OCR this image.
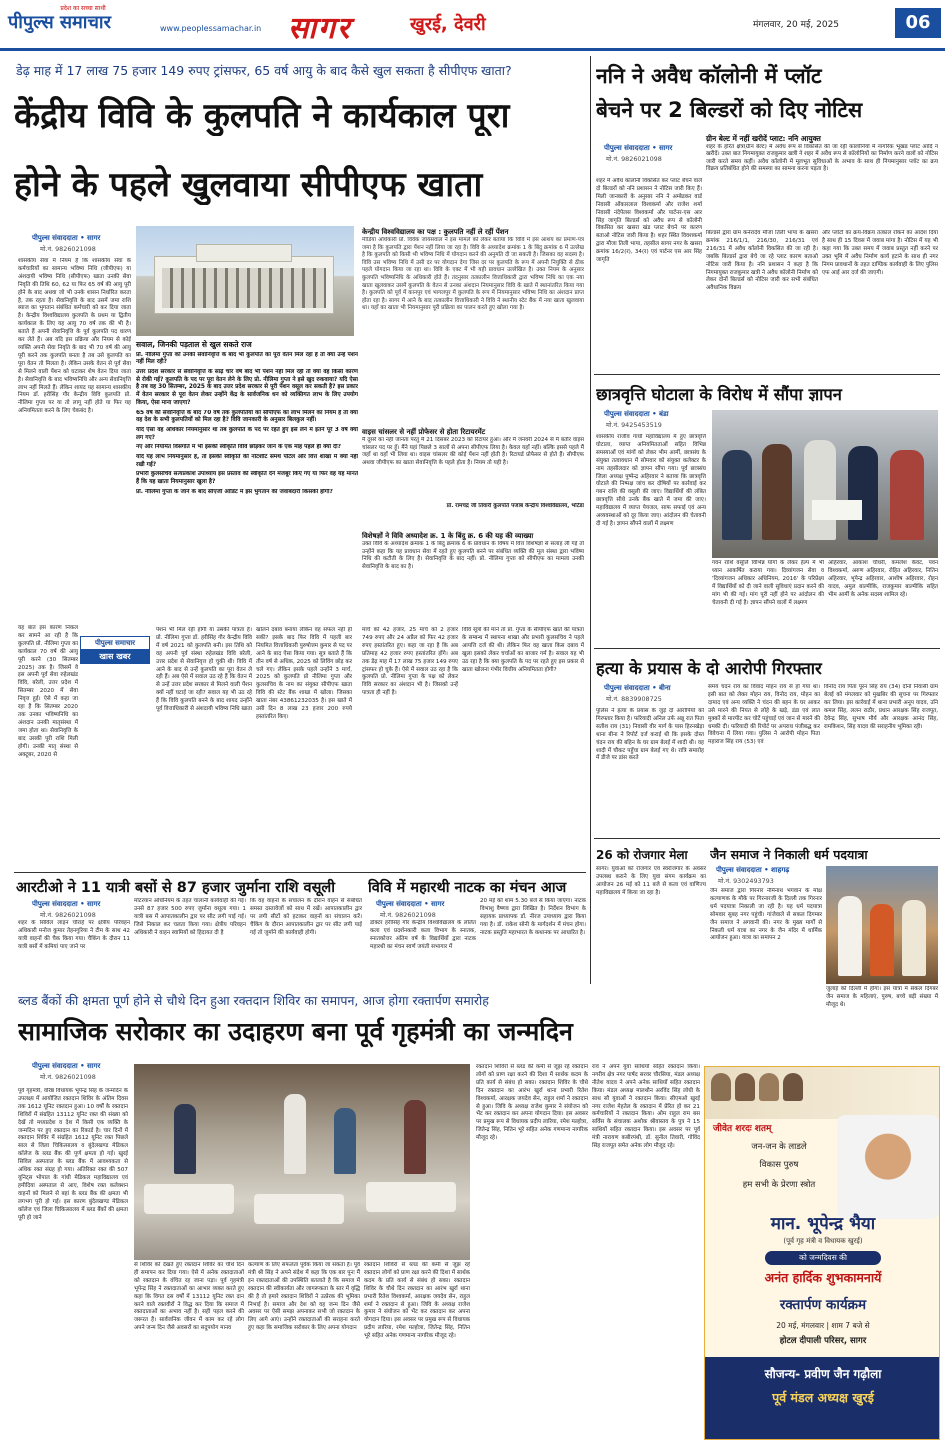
प्रदेश का सच्चा साथी
पीपुल्स समाचार	www.peoplessamachar.in सागर	खुरई, देवरी	मंगलवार, 20 मई, 2025	06
डेढ़ माह में 17 लाख 75 हजार 149 रुपए ट्रांसफर, 65 वर्ष आयु के बाद कैसे खुल सकता है सीपीएफ खाता?
केंद्रीय विवि के कुलपति ने कार्यकाल पूरा
होने के पहले खुलवाया सीपीएफ खाता
पीपुल्स संवाददाता • सागर
मो.नं. 9826021098
शासकीय सेवा में नियम है कि शासकीय सेवा के कर्मचारियों का सामान्य भविष्य निधि (जीपीएफ) या अंशदायी भविष्य निधि (सीपीएफ) खाता उनकी सेवा निवृति की तिथि 60, 62 या फिर 65 वर्ष की आयु पूरी होने के बाद अथवा जो भी उनके शासन निर्धारित करता है, तक रहता है। सेवानिवृत्ति के बाद उसमें जमा राशि ब्याज का भुगतान संबंधित कर्मचारी को कर दिया जाता है। केन्द्रीय विश्वविद्यालय कुलपति के प्रथम या द्वितीय कार्यकाल के लिए यह आयु 70 वर्ष तक की भी है। बताते हैं अपनी सेवानिवृत्ति के पूर्व कुलपति पद धारण कर लेते हैं। अब यदि इस प्रक्रिया और नियम से कोई व्यक्ति अपनी सेवा निवृति के बाद भी 70 वर्ष की आयु पूरी करने तक कुलपति बनता है तब उसे कुलपति का पूरा वेतन तो मिलता है। लेकिन उसके वेतन से पूर्व सेवा से मिलने वाली पेंशन को घटाकर शेष वेतन दिया जाता है। सेवानिवृत्ति के बाद भविष्यनिधि और अन्य सेवानिवृत्ति लाभ नहीं मिलते हैं। लेकिन शायद यह सामान्य शासकीय नियम डॉ. हरीसिंह गौर केन्द्रीय विवि कुलपति प्रो. नीलिमा गुप्ता पर या तो लागू नहीं होते या फिर यह अनियमितता करने के लिए चेकबंद है।
सवाल, जिनकी पड़ताल से खुल सकते राज
प्रो. नीलिमा गुप्ता को उनकी सेवानिवृत्ति के बाद भी कुलपति का पूरा वेतन मिल रहा है तो क्या उन्हें पेंशन नहीं मिल रही?
उत्तर प्रदेश सरकार से सेवानिवृत्ति के साढ़े चार वर्ष बाद भी पेंशन नहीं मिल रही तो क्या वह किसी कारण से रोकी गई? कुलपति के पद पर पूरा वेतन लेने के लिए प्रो. नीलिमा गुप्ता ने इसे खुद रुकवाया? यदि ऐसा है तब वह 30 सितम्बर, 2025 के बाद उत्तर प्रदेश सरकार से पूरी पेंशन वसूल कर सकती है? इस प्रकार में वेतन सरकार से पूरा वेतन लेकर उन्होंने केंद्र के सार्वजनिक धन को व्यक्तिगत लाभ के लिए उपयोग किया, ऐसा माना जाएगा?
65 वर्ष की सेवानिवृत्ति के बाद 70 वर्ष तक कुलपतियों को सीपीएफ का लाभ मिलने का नियम है तो क्या वह देश के सभी कुलपतियों को मिल रहा है? विवि जानकारी के अनुसार बिलकुल नहीं।
यदि ऐसा वह अधिकार नियमानुसार था तब कुलपति के पद पर रहते हुए इसे लेने में इतने पूरे 3 वर्ष क्यों लग गए?
नए और नियमित विसंगति में भी इसकी स्वीकृति विवि छोड़कर जाने के एक माह पहले ही क्यों दी?
यदि यह लाभ नियमानुसार है, तो इसकी स्वीकृति की नोटशीट समर्थ पोर्टल और वित्त शाखा में क्यों नहीं रखी गई?
प्रभारी कुलसचिव सत्यप्रकाश उपाध्याय इस प्रस्ताव की स्वीकृति देने मजबूर किए गए या फिर वह यह मानते हैं कि यह खाता नियमानुसार खुला है?
प्रो. नीलिमा गुप्ता के जाने के बाद सीएजी ऑडिट में इस भुगतान की जवाबदारी किसकी होगी?
केन्द्रीय विश्वविद्यालय का पक्ष : कुलपति नहीं ले रहीं पेंशन
मीडिया अधिकारी प्रो. विवेक जायसवाल ने इस मामले को लेकर बताया कि विवि में इस आशय का प्रमाण-पत्र जमा है कि कुलपति द्वारा पेंशन नहीं लिया जा रहा है। विवि के अध्यादेश क्रमांक 1 के बिंदु क्रमांक 6 में उल्लेख है कि कुलपति को किसी भी भविष्य निधि में योगदान करने की अनुमति दी जा सकती है। जिसका वह सदस्य है। विवि उस भविष्य निधि में उसी दर पर योगदान देगा जिस दर पर कुलपति के रूप में अपनी नियुक्ति से ठीक पहले योगदान किया जा रहा था। विवि के एक्ट में भी यही प्रावधान उल्लेखित है। उक्त नियम के अनुसार कुलपति भविष्यनिधि के अधिकारी होते हैं। तदनुसार तत्कालीन वित्ताधिकारी द्वारा भविष्य निधि का एक नया खाता खुलवाकर उसमें कुलपति के वेतन से उनका अंशदान नियमानुसार विवि के खाते में स्थानांतरित किया गया है। कुलपति को पूर्व में कानपुर एवं भागलपुर में कुलपति के रूप में नियमानुसार भविष्य निधि का अंशदान प्राप्त होता रहा है। सागर में आने के बाद तत्कालीन वित्ताधिकारी ने विवि ने स्थानीय स्टेट बैंक में नया खाता खुलवाया था। यहाँ का खाता भी नियमानुसार पूरी प्रक्रिया का पालन करते हुए खोला गया है।
वाइस चांसलर से नहीं प्रोफेसर से होता रिटायरमेंट
मैं दूसरे का नहीं जानता परंतु मैं 21 दिसंबर 2023 को रिटायर हुआ। और मैं जनवरी 2024 से मैं बतौर वाइस चांसलर पद पर हूँ। मैंने यहां पिछले 3 सालों से अपना सीपीएफ लिया है। केवल यहाँ नहीं। बल्कि इससे पहले मैं जहाँ था वहाँ भी लिया था। वाइस चांसलर की कोई पेंशन नहीं होती है। रिटायर्ड प्रोफेसर से होते हैं। सीपीएफ अथवा जीपीएफ का खाता सेवानिवृत्ति के पहले होता है। नियम तो यही है।
प्रो. रामचंद्र जी तिवारी कुलपति पंजाब केन्द्रीय विश्वविद्यालय, भटिंडा
विशेषज्ञों ने विवि अध्यादेश क्र. 1 के बिंदु क्र. 6 की यह की व्याख्या
उक्त विवि के अध्यादेश क्रमांक 1 के बिंदु क्रमांक 6 के प्रावधान के विषय में वित्त विशेषज्ञों से सलाह ली गई तो उन्होंने कहा कि यह प्रावधान सेवा में रहते हुए कुलपति बनने पर संबंधित व्यक्ति की मूल संस्था द्वारा भविष्य निधि की कटौती के लिए है। सेवानिवृत्ति के बाद नहीं। प्रो. नीलिमा गुप्ता को सीपीएफ का मामला उनकी सेवानिवृत्ति के बाद का है।
पीपुल्स समाचार
खास खबर
यह बात इस कारण निकल कर सामने आ रही है कि कुलपति प्रो. नीलिमा गुप्ता का कार्यकाल 70 वर्ष की आयु पूरी करने (30 सितम्बर 2025) तक है। जिसमें वे इस अपनी पूर्व सेवा रुहेलखंड विवि, बरेली, उत्तर प्रदेश में सितम्बर 2020 में सेवा निवृत्त हुई। ऐसे में कहा जा रहा है कि सितम्बर 2020 तक उनका भविष्यनिधि का अंशदान उनकी मातृसंस्था में जमा होता था। सेवानिवृत्ति के बाद उसकी पूरी राशि मिली होगी। उनकी मातृ संस्था से अक्टूबर, 2020 से
पेंशन भी मिल रही होगी या उसकी पात्रता है। प्रो. नीलिमा गुप्ता डॉ. हरीसिंह गौर केन्द्रीय विवि में वर्ष 2021 को कुलपति बनी। इस तिथि को वह अपनी पूर्व संस्था रुहेलखंड विवि बरेली, उत्तर प्रदेश से सेवानिवृत्त हो चुकी थी। विवि में आने के बाद से उन्हें कुलपति का पूरा वेतन ले रही हैं। अब ऐसे में सवाल उठ रहे हैं कि वेतन में से उन्हें उत्तर प्रदेश सरकार से मिलने वाली पेंशन क्यों नहीं घटाई जा रही? सवाल यह भी उठ रहे हैं कि विवि कुलपति बनने के बाद शायद उन्होंने पूर्व वित्ताधिकारी से अंशदायी भविष्य निधि खाता
खोलने दबाव बनाया लेकिन वह सफल नहीं हो सकी? इसके बाद फिर विवि में पहली बार नियमित वित्ताधिकारी पुरुषोत्तम कुमार से पद पर आने के बाद ऐसा किया गया। सूत्र बताते हैं कि तीन वर्ष से अधिक, 2025 को लिविंग छोड़ कर चले गए। लेकिन इसके पहले उन्होंने 3 मार्च, 2025 को कुलपति प्रो नीलिमा गुप्ता और कुलसचिव के नाम का संयुक्त सीपीएफ खाता विवि की स्टेट बैंक शाखा में खोला। जिसका खाता नंबर 43861232035 है। इस खाते में उसी दिन 8 लाख 23 हजार 200 रुपये हस्तांतरित किए।
मार्च को 42 हजार, 25 मार्च को 2 हजार 749 रुपए और 24 अप्रैल को फिर 42 हजार रुपए हस्तांतरित हुए। कहा जा रहा है कि अब प्रतिमाह 42 हजार रुपए हस्तांतरित होंगे। अब तक डेढ़ माह में 17 लाख 75 हजार 149 रुपए ट्रांसफर हो चुके हैं। ऐसे में सवाल उठ रहा है कि कुलपति प्रो. नीलिमा गुप्ता के पक्ष को लेकर विवि सरकार का अंशदान भी है। जिसको उन्हें पात्रता ही नहीं है।
विवि सूत्रों की माने तो प्रो. गुप्ता के सीपीएफ खाते की पात्रता के सम्बन्ध में स्थापना शाखा और प्रभारी कुलसचिव ने पहले आपत्ति दर्ज की थी। लेकिन फिर वह खाता किस दबाव में खुला इसको लेकर चर्चाओं का बाजार गर्म है। सवाल यह भी उठ रहा है कि क्या कुलपति के पद पर रहते हुए इस प्रकार से खाता खोलना गंभीर वित्तीय अनियमितता होगी?
आरटीओ ने 11 यात्री बसों से 87 हजार जुर्माना राशि वसूली
पीपुल्स संवाददाता • सागर
मो.नं. 9826021098
शहर के सिविल लाइन चौराहे पर क्षेत्रीय परिवहन अधिकारी मनोज कुमार तेहनगुरिया ने टीम के साथ 42 यात्री वाहनों की चैक किया गया। चैकिंग के दौरान 11 यात्री बसों में कमियां पाए जाने पर
मोटरयान अधिनियम के तहत चालानी कार्यवाही की गई। उनसे 87 हजार 500 रुपए जुर्माना वसूला गया। 1 यात्री बस में आपातकालीन द्वार पर सीट लगी पाई गई। जिसे निकाल कर चलता किया गया। क्षेत्रीय परिवहन अधिकारी ने वाहन स्वामियों को हिदायत दी है
कि वह वाहनों के संचालन के दौरान वाहन से संबंधित समस्त दस्तावेजों को साथ में रखें। आपातकालीन द्वार पर लगी सीटों को हटाकर वाहनों का संचालन करें। चैकिंग के दौरान आपातकालीन द्वार पर सीट लगी पाई गई तो जुर्माने की कार्यवाही होगी।
विवि में महारथी नाटक का मंचन आज
पीपुल्स संवाददाता • सागर
मो.नं. 9826021098
डॉक्टर हरीसिंह गौर केन्द्रीय विश्वविद्यालय के ललित कला एवं प्रदर्शनकारी कला विभाग के स्नातक, स्नातकोत्तर अंतिम वर्ष के विद्यार्थियों द्वारा नाटक महारथी का मंचन स्वर्ण जयंती सभागार में
20 मई को शाम 5.30 बजे से किया जाएगा। नाटक विभाशु वैष्णव द्वारा लिखित है। निर्देशन विभाग के सहायक प्राध्यापक डॉ. नीरज उपाध्याय द्वारा किया गया है। डॉ. राकेश सोनी के मार्गदर्शन में मंचन होगा। नाटक प्रस्तुति महाभारत के कथानक पर आधारित है।
ननि ने अवैध कॉलोनी में प्लॉट
बेचने पर 2 बिल्डरों को दिए नोटिस
ग्रीन बेल्ट में नहीं खरीदें प्लाट: ननि आयुक्त
शहर के हरित क्षेत्र(ग्रीन बेल्ट) में अवैध रूप से विकसित की जा रही कॉलोनियों में नागरिक भूखंड प्लॉट आदि न खरीदें। उक्त बात निगमायुक्त राजकुमार खत्री ने शहर में अवैध रूप से कॉलोनियों का निर्माण करने वालों को नोटिस जारी करते समय कहीं। अवैध कॉलोनी में मूलभूत सुविधाओं के अभाव के साथ ही नियमानुसार प्लॉट का क्रय विक्रय प्रतिबंधित होने की समस्या का सामना करना पड़ता है।
पीपुल्स संवाददाता • सागर
मो.नं. 9826021098
शहर में अवैध कॉलोनी विकसित कर प्लाट बेचने वाले दो बिल्डरों को ननि प्रशासन ने नोटिस जारी किए हैं। मिली जानकारी के अनुसार ननि ने अम्बेडकर वार्ड निवासी ओंकारलाल विश्वकर्मा और राजेश शर्मा निवासी नंदेपेलस विश्वकर्मा और पार्टनर-एस आर सिंह जागृति बिल्डर्स को अवैध रूप से कॉलोनी विकसित कर खसरा खंड प्लाट बेचने पर कारण बताओ नोटिस जारी किया है। शहर स्थित विवशकर्मा द्वारा मौजा तिली भापा, तहसील सागर नगर के खसरा क्रमांक 16/2(र), 34(र) एवं पार्टनर एस आर सिंह जागृति
बिल्डर्स द्वारा ग्राम कनेरादेव मौजा तिली भापा के खसरा क्रमांक 216/1/1, 216/30, 216/31 एवं 216/31 में अवैध कॉलोनी विकसित की जा रही है। जबकि बिल्डर्स द्वारा बेचे जा रहे प्लाट कारण बताओ नोटिस जारी किया है। ननि प्रशासन ने कहा है कि निगमायुक्त राजकुमार खत्री ने अवैध कॉलोनी निर्माण को लेकर दोनों बिल्डर्स को नोटिस जारी कर सभी संबंधित अवैधानिक विक्रय
और प्लॉटों का क्रय-विक्रय तत्काल रोकने का आदेश दिया है साथ ही 15 दिवस में जवाब मांगा है। नोटिस में यह भी कहा गया कि उक्त समय में जवाब प्रस्तुत नहीं करने पर उक्त भूमि में अवैध निर्माण कार्य हटाने के साथ ही नगर निगम प्रावधानों के तहत दाण्डिक कार्यवाही के लिए पुलिस एफ आई आर दर्ज की जाएगी।
छात्रवृत्ति घोटाला के विरोध में सौंपा ज्ञापन
पीपुल्स संवाददाता • बंडा
मो.नं. 9425453519
शासकीय राजीव गांधी महाविद्यालय में हुए छात्रवृत्ति घोटाला, व्याप्त अनियमितताओं सहित विभिन्न समस्याओं एवं मांगों को लेकर भीम आर्मी, छात्रसंघ के संयुक्त तत्वावधान में सोमवार को संयुक्त कलेक्टर के नाम तहसीलदार को ज्ञापन सौंपा गया। पूर्व छात्रसंघ जिला अध्यक्ष पुष्पेन्द्र अहिरवार ने बताया कि छात्रवृत्ति घोटाले की निष्पक्ष जांच कर दोषियों पर कार्रवाई कर गबन राशि की वसूली की जाए। विद्यार्थियों की लंबित छात्रवृत्ति सीधे उनके बैंक खाते में जमा की जाए। महाविद्यालय में व्याप्त पेयजल, साफ सफाई एवं अन्य अव्यवस्थाओं को दूर किया जाए। आंदोलन की चेतावनी दी गई है। ज्ञापन सौंपने वालों में लक्ष्मण
गवन राशि वसूलि विभिन्न योगों के लेकर हेल्प में भी ध्यान आकर्षित कराया गया। दिव्यांगजन सेवा व 'दिव्यांगजन अधिकार अधिनियम, 2016' के परिप्रेक्ष्य में विद्यार्थियों को दी जाने वाली सुविधाएं प्रदान करने की मांग भी की गई। मांग पूरी नहीं होने पर आंदोलन की चेतावनी दी गई है। ज्ञापन सौंपने वालों में लक्ष्मण
अहिरवार, आकाश चौधरी, कमलेश केवट, पवन विश्वकर्मा, अरुण अहिरवार, रोहित अहिरवार, नितिन अहिरवार, भूपेन्द्र अहिरवार, आशीष अहिरवार, रोहन यादव, अमुल बाल्मीकि, राजकुमार बाल्मीकि सहित भीम आर्मी के अनेक सदस्य शामिल रहे।
हत्या के प्रयास के दो आरोपी गिरफ्तार
पीपुल्स संवाददाता • बीना
मो.नं. 8839908725
पुलिस ने हत्या के प्रयास के जुड़े दो आरोपियों को गिरफ्तार किया है। फरियादी अनिल उर्फ अन्नू रात पिता सतीश राय (31) निवासी वीर मार्ग के पास हिरनखेड़ा थाना बीना ने रिपोर्ट दर्ज कराई थी कि इसके दोस्त चंदन राय की बहिन के घर ग्राम बेलई में शादी थी। वह शादी में चौकट पहुँचा ग्राम बेलई गए थे। रात्रि समारोह में डीजे पर डांस करते
समय चंदन राय का विवाद मोहन राय से हो गया था। इसी बात को लेकर मोहन राय, विनोद राय, मोहन का दामाद एवं अन्य व्यक्ति ने चंदन की बहन के घर आकर उसे मारने की नियत से लोहे के खड़े, डंडा एवं लात मुक्कों से मारपीट कर चोटें पहुंचाई एवं जान से मारने की धमकी दी। फरियादी की रिपोर्ट पर अपराध पंजीबद्ध कर विवेचना में लिया गया। पुलिस ने आरोपी मोहन पिता महाराज सिंह राय (53) एवं
विनोद राय पिता पूरन सिंह राय (34) दोनों निवासी ग्राम बेलई को मंगलवार को मुखबिर की सूचना पर गिरफ्तार कर लिया। इस कार्रवाई में थाना प्रभारी अनूप यादव, उनि कमल सिंह, ललन राठौर, प्रधान आरक्षक सिंह राजपूत, देवेन्द्र सिंह, सुभाष मौर्य और आरक्षक आनंद सिंह, रामकिशन, सिंह यादव की सराहनीय भूमिका रही।
26 को रोजगार मेला
सागर। युवाओं को रोजगार एवं स्वरोजगार के अवसर उपलब्ध कराने के लिए युवा संगम कार्यक्रम का आयोजन 26 मई को 11 बजे से कला एवं वाणिज्य महाविद्यालय में किया जा रहा है।
जैन समाज ने निकाली धर्म पदयात्रा
पीपुल्स संवाददाता • शाहगढ़
मो.नं. 9302493793
जैन समाज द्वारा गिरनार नेमिनाथ भगवान के मोक्ष कल्याणक के मौके पर गिरनारजी के दिल्ली तक गिरनार धर्म पदयात्रा निकाली जा रही है। यह धर्म पदयात्रा सोमवार सुबह नगर पहुंची। गांजेवाले से सकल दिगम्बर जैन समाज ने अगवानी की। नगर के मुख्य मार्गों से निकली धर्म यात्रा का नगर के जैन मंदिर में धार्मिक आयोजन हुआ। यात्रा का समापन 2
जुलाई को दिल्ली में होगा। इस यात्रा में सकल दिगंबर जैन समाज के महिलाएं, पुरुष, बच्चे बड़ी संख्या में मौजूद थे।
ब्लड बैंकों की क्षमता पूर्ण होने से चौथे दिन हुआ रक्तदान शिविर का समापन, आज होगा रक्तार्पण समारोह
सामाजिक सरोकार का उदाहरण बना पूर्व गृहमंत्री का जन्मदिन
पीपुल्स संवाददाता • सागर
मो.नं. 9826021098
पूर्व गृहमंत्री, वरिष्ठ विधायक भूपेन्द्र सिंह के जन्मदिन के उपलक्ष्य में आयोजित रक्तदान शिविर के अंतिम दिवस तक 1612 यूनिट रक्तदान हुआ। 10 वर्षों के रक्तदान शिविरों में संग्रहित 13112 यूनिट रक्त की संख्या को देखें तो मध्यप्रदेश व देश में किसी एक व्यक्ति के जन्मदिन पर हुए रक्तदान का रिकार्ड है। चार दिनों में रक्तदान शिविर में संग्रहित 1612 यूनिट रक्त पिछले साल से जिला चिकित्सालय व बुंदेलखण्ड मेडिकल कॉलेज के ब्लड बैंक की पूर्ण क्षमता हो गई। खुरई सिविल अस्पताल के ब्लड बैंक में आवश्यकता से अधिक रक्त संग्रह हो गया। अतिरिक्त रक्त की 507 यूनिट्स भोपाल के गांधी मेडिकल महाविद्यालय एवं हमीदिया अस्पताल से आए, विशेष रक्त कलेक्शन वाहनों को मिलने से बहां के ब्लड बैंक की क्षमता भी लगभग पूरी हो गई। इस कारण बुंदेलखण्ड मेडिकल कॉलेज एवं जिला चिकित्सालय में ब्लड बैंकों की क्षमता पूरी हो जाने
से शिविर को देखते हुए रक्तदान शिविर का चौथे दिन ही समापन कर दिया गया। ऐसे में अनेक रक्तदाताओं को रक्तदान के वंचित रह जाना पड़ा। पूर्व गृहमंत्री भूपेन्द्र सिंह ने रक्तदाताओं का आभार व्यक्त करते हुए कहा कि विगत दस वर्षों में 13112 यूनिट रक्त दान करने वाले रक्तवीरों ने विद्ध कर दिया कि समाज में रक्तदाताओं का अभाव नहीं है। सही पहल करने की जरूरत है। सार्वजनिक जीवन में काम कर रहे लोग अपने जन्म दिन जैसे अवसरों का सदुपयोग मानव
कल्याण के लिए सफलता पूर्वक किया जा सकता है। पूर्व मंत्री श्री सिंह ने अपने संदेश में कहा कि एक बार पुनः मैं इन रक्तदाताओं की उपस्थिति बतलाते है कि समाज में रक्तदान की स्वीकार्यता और जागरूकता के स्तर में वृद्धि की है तो हमारे रक्तदान शिविरों ने उत्प्रेरक की भूमिका निभाई है। समाज और देश को वह जन्म दिन जैसे अवसर पर ऐसी समझ अपनाकर सभी जो रक्तदान के लिए आगे आएं। उन्होंने रक्तदाताओं की सराहना करते हुए कहा कि समाजिक सरोकार के लिए अपना योगदान
रक्तदान शिविरों से ब्लड की कमी से जूझ रहे रक्तदान लोगों को प्राण रक्षा करने की दिशा में सार्थक कदम के प्रति कार्य से संबंध हो सका। रक्तदान शिविर के चौथे दिन रक्तदान का आरंभ खुर्रा थाना प्रभारी रितेश विश्वकर्मा, आरक्षक जयदेव सेन, राहुल शर्मा ने रक्तदान से हुआ। जिवि के अध्यक्ष राजेश कुमार ने संयोजन को भेंट कर रक्तदान कर अपना योगदान दिया। इस अवसर पर प्रमुख रूप से विधायक प्रदीप लारिया, रमेश मल्होत्रा, जितेन्द्र सिंह, नितिन भूरे सहित अनेक गणमान्य नागरिक मौजूद रहे।
रक्तदान शिविरों से ब्लड की कमी से जूझ रहे रक्तदान लोगों को प्राण रक्षा करने की दिशा में सार्थक कदम के प्रति कार्य से संबंध हो सका। रक्तदान शिविर के चौथे दिन रक्तदान का आरंभ खुर्रा थाना प्रभारी रितेश विश्वकर्मा, आरक्षक जयदेव सेन, राहुल शर्मा ने रक्तदान से हुआ। जिवि के अध्यक्ष राजेश कुमार ने संयोजन को भेंट कर रक्तदान कर अपना योगदान दिया। इस अवसर पर प्रमुख रूप से विधायक प्रदीप लारिया, रमेश मल्होत्रा, जितेन्द्र सिंह, नितिन भूरे सहित अनेक गणमान्य नागरिक मौजूद रहे।
राव ने अपने युवा साथियों सहित रक्तदान किया। नगरीय क्षेत्र नगर पार्षद सरवर चौरसिया, मंडल अध्यक्ष नीतेश यादव ने अपने अनेक साथियों सहित रक्तदान किया। मंडल अध्यक्ष मालथौन अरविंद सिंह लोधी के साथ सौ युवाओं ने रक्तदान किया। सीएमओ खुरई नगर राजेश मेहतेल के रक्तदान में प्रेरित हो कर 21 कर्मचारियों ने रक्तदान किया। ओम राहुल राम बस सर्विस के संचालक अशोक श्रीवास्तव के पुत्र ने 15 साथियों सहित रक्तदान किया। इस अवसर पर पूर्व मंत्री नारायण कबीरपंथी, डॉ. सुनील तिवारी, गोविंद सिंह राजपूत समेत अनेक लोग मौजूद रहे।
जीवेत शरदः शतम्
जन-जन के लाडले
विकास पुरुष
हम सभी के प्रेरणा स्त्रोत
मान. भूपेन्द्र भैया
(पूर्व गृह मंत्री व विधायक खुरई)
को जन्मदिवस की
अनंत हार्दिक शुभकामनायें
रक्तार्पण कार्यक्रम
20 मई, मंगलवार | शाम 7 बजे से
होटल दीपाली परिसर, सागर
सौजन्य- प्रवीण जैन गढ़ौला
पूर्व मंडल अध्यक्ष खुरई
